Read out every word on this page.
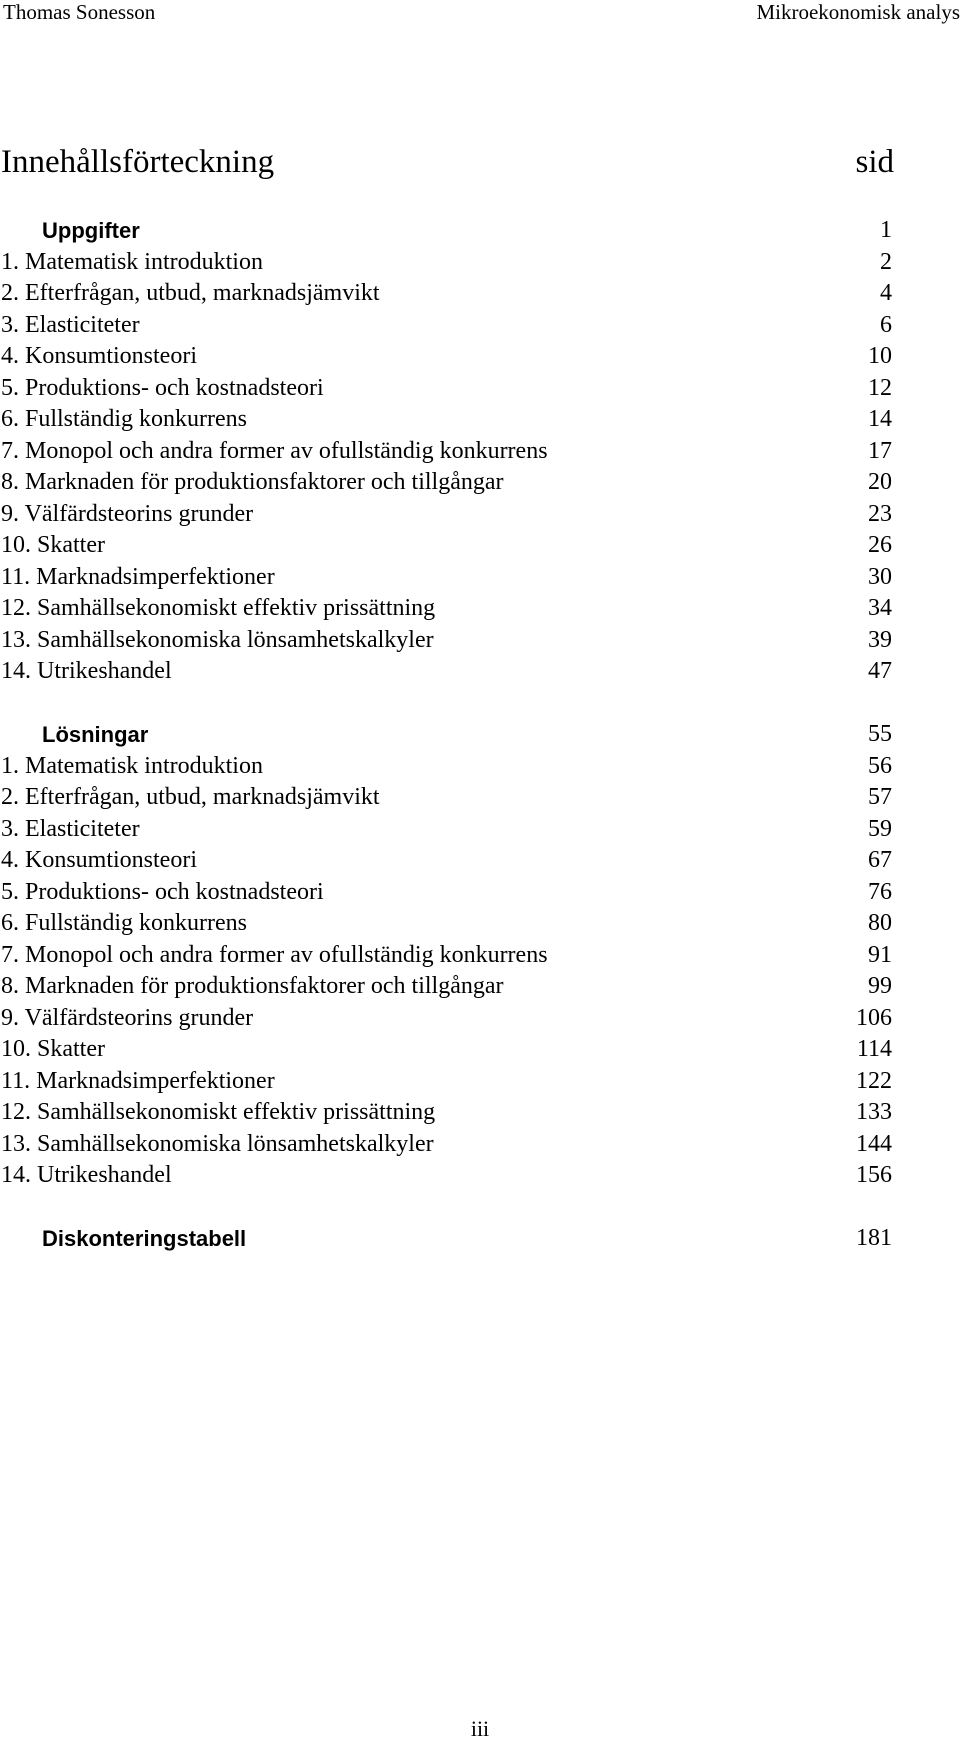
Thomas Sonesson	Mikroekonomisk analys
Innehållsförteckning	sid
Uppgifter	1
1. Matematisk introduktion	2
2. Efterfrågan, utbud, marknadsjämvikt	4
3. Elasticiteter	6
4. Konsumtionsteori	10
5. Produktions- och kostnadsteori	12
6. Fullständig konkurrens	14
7. Monopol och andra former av ofullständig konkurrens	17
8. Marknaden för produktionsfaktorer och tillgångar	20
9. Välfärdsteorins grunder	23
10. Skatter	26
11. Marknadsimperfektioner	30
12. Samhällsekonomiskt effektiv prissättning	34
13. Samhällsekonomiska lönsamhetskalkyler	39
14. Utrikeshandel	47
Lösningar	55
1. Matematisk introduktion	56
2. Efterfrågan, utbud, marknadsjämvikt	57
3. Elasticiteter	59
4. Konsumtionsteori	67
5. Produktions- och kostnadsteori	76
6. Fullständig konkurrens	80
7. Monopol och andra former av ofullständig konkurrens	91
8. Marknaden för produktionsfaktorer och tillgångar	99
9. Välfärdsteorins grunder	106
10. Skatter	114
11. Marknadsimperfektioner	122
12. Samhällsekonomiskt effektiv prissättning	133
13. Samhällsekonomiska lönsamhetskalkyler	144
14. Utrikeshandel	156
Diskonteringstabell	181
iii
